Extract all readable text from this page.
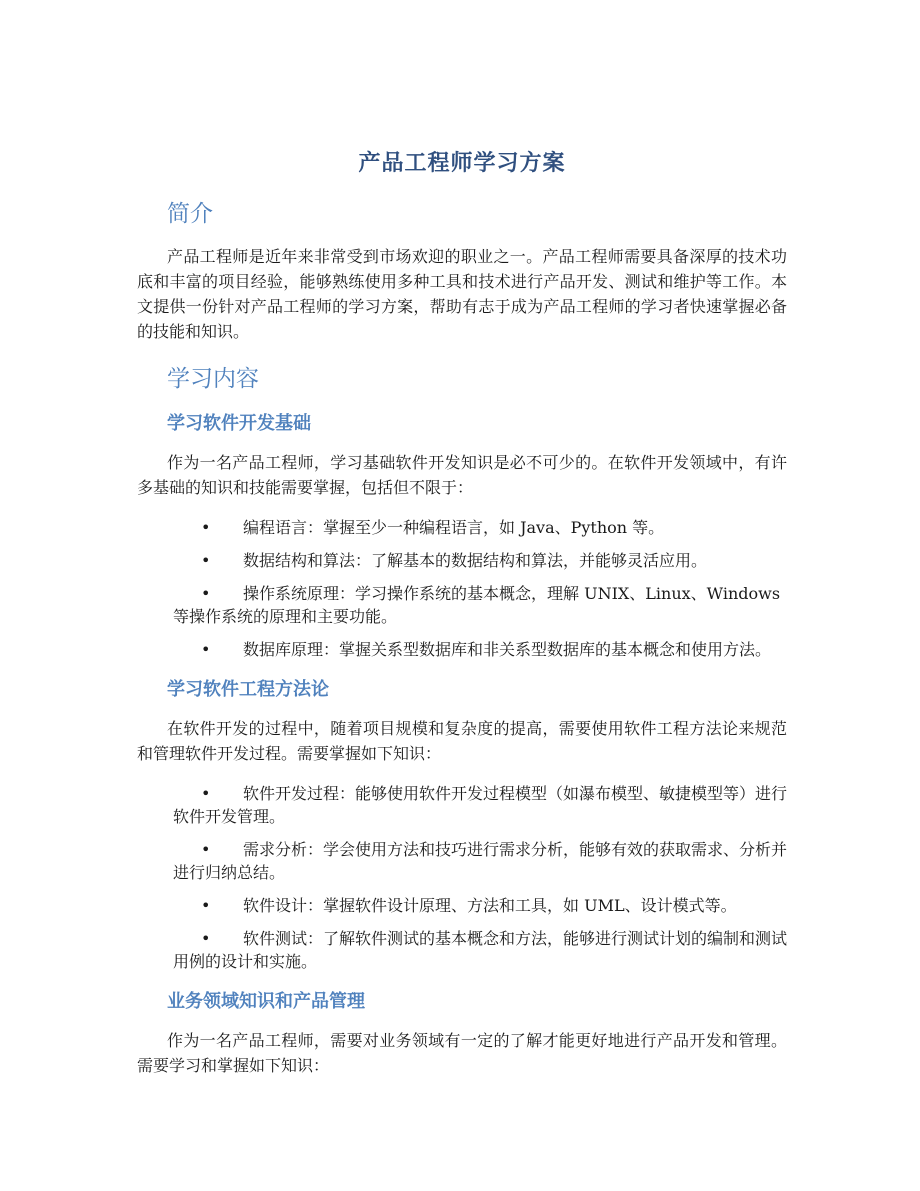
产品工程师学习方案
简介

产品工程师是近年来非常受到市场欢迎的职业之一。产品工程师需要具备深厚的技术功底和丰富的项目经验，能够熟练使用多种工具和技术进行产品开发、测试和维护等工作。本文提供一份针对产品工程师的学习方案，帮助有志于成为产品工程师的学习者快速掌握必备的技能和知识。

学习内容
学习软件开发基础

作为一名产品工程师，学习基础软件开发知识是必不可少的。在软件开发领域中，有许多基础的知识和技能需要掌握，包括但不限于：

• 编程语言：掌握至少一种编程语言，如 Java、Python 等。
• 数据结构和算法：了解基本的数据结构和算法，并能够灵活应用。
• 操作系统原理：学习操作系统的基本概念，理解 UNIX、Linux、Windows 等操作系统的原理和主要功能。
• 数据库原理：掌握关系型数据库和非关系型数据库的基本概念和使用方法。
学习软件工程方法论

在软件开发的过程中，随着项目规模和复杂度的提高，需要使用软件工程方法论来规范和管理软件开发过程。需要掌握如下知识：

• 软件开发过程：能够使用软件开发过程模型（如瀑布模型、敏捷模型等）进行软件开发管理。
• 需求分析：学会使用方法和技巧进行需求分析，能够有效的获取需求、分析并进行归纳总结。
• 软件设计：掌握软件设计原理、方法和工具，如 UML、设计模式等。
• 软件测试：了解软件测试的基本概念和方法，能够进行测试计划的编制和测试用例的设计和实施。
业务领域知识和产品管理

作为一名产品工程师，需要对业务领域有一定的了解才能更好地进行产品开发和管理。需要学习和掌握如下知识：
